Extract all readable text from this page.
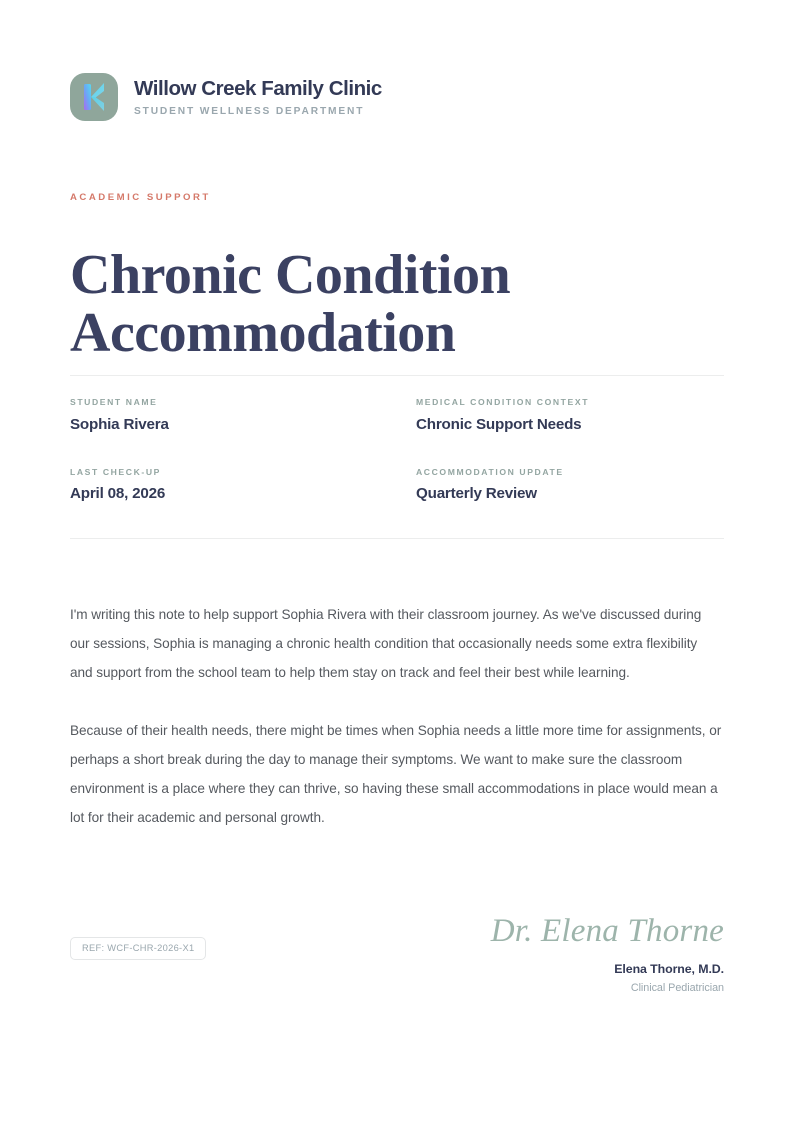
Willow Creek Family Clinic
STUDENT WELLNESS DEPARTMENT
ACADEMIC SUPPORT
Chronic Condition Accommodation
STUDENT NAME
Sophia Rivera
MEDICAL CONDITION CONTEXT
Chronic Support Needs
LAST CHECK-UP
April 08, 2026
ACCOMMODATION UPDATE
Quarterly Review

I'm writing this note to help support Sophia Rivera with their classroom journey. As we've discussed during our sessions, Sophia is managing a chronic health condition that occasionally needs some extra flexibility and support from the school team to help them stay on track and feel their best while learning.

Because of their health needs, there might be times when Sophia needs a little more time for assignments, or perhaps a short break during the day to manage their symptoms. We want to make sure the classroom environment is a place where they can thrive, so having these small accommodations in place would mean a lot for their academic and personal growth.

REF: WCF-CHR-2026-X1	Dr. Elena Thorne
Elena Thorne, M.D.
Clinical Pediatrician
